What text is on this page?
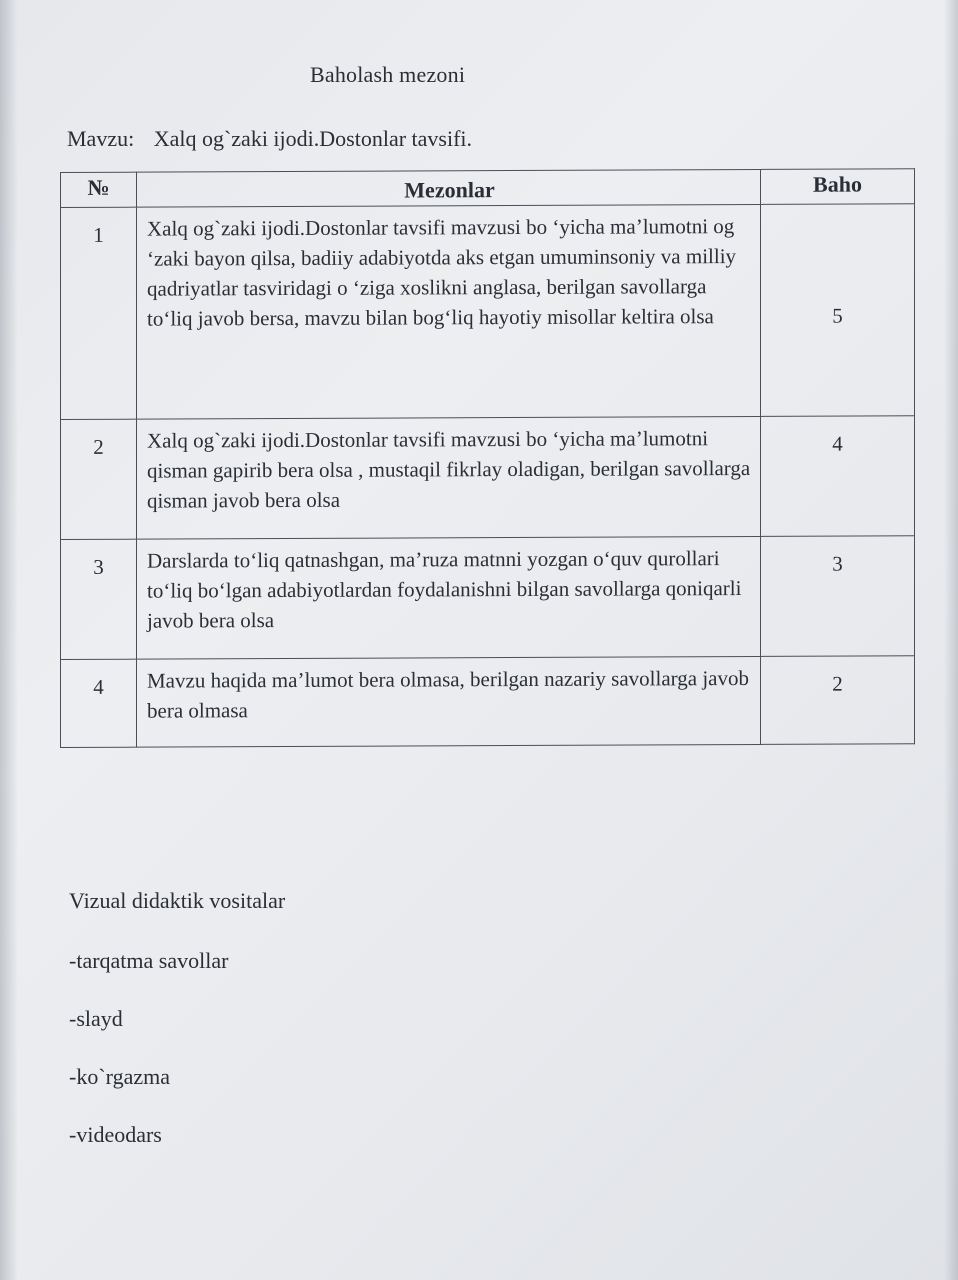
Baholash mezoni
Mavzu: Xalq og`zaki ijodi.Dostonlar tavsifi.
№	Mezonlar	Baho
1	Xalq og`zaki ijodi.Dostonlar tavsifi mavzusi bo ‘yicha ma’lumotni og ‘zaki bayon qilsa, badiiy adabiyotda aks etgan umuminsoniy va milliy qadriyatlar tasviridagi o ‘ziga xoslikni anglasa, berilgan savollarga to‘liq javob bersa, mavzu bilan bog‘liq hayotiy misollar keltira olsa	5
2	Xalq og`zaki ijodi.Dostonlar tavsifi mavzusi bo ‘yicha ma’lumotni qisman gapirib bera olsa , mustaqil fikrlay oladigan, berilgan savollarga qisman javob bera olsa	4
3	Darslarda to‘liq qatnashgan, ma’ruza matnni yozgan o‘quv qurollari to‘liq bo‘lgan adabiyotlardan foydalanishni bilgan savollarga qoniqarli javob bera olsa	3
4	Mavzu haqida ma’lumot bera olmasa, berilgan nazariy savollarga javob bera olmasa	2
Vizual didaktik vositalar
-tarqatma savollar
-slayd
-ko`rgazma
-videodars
